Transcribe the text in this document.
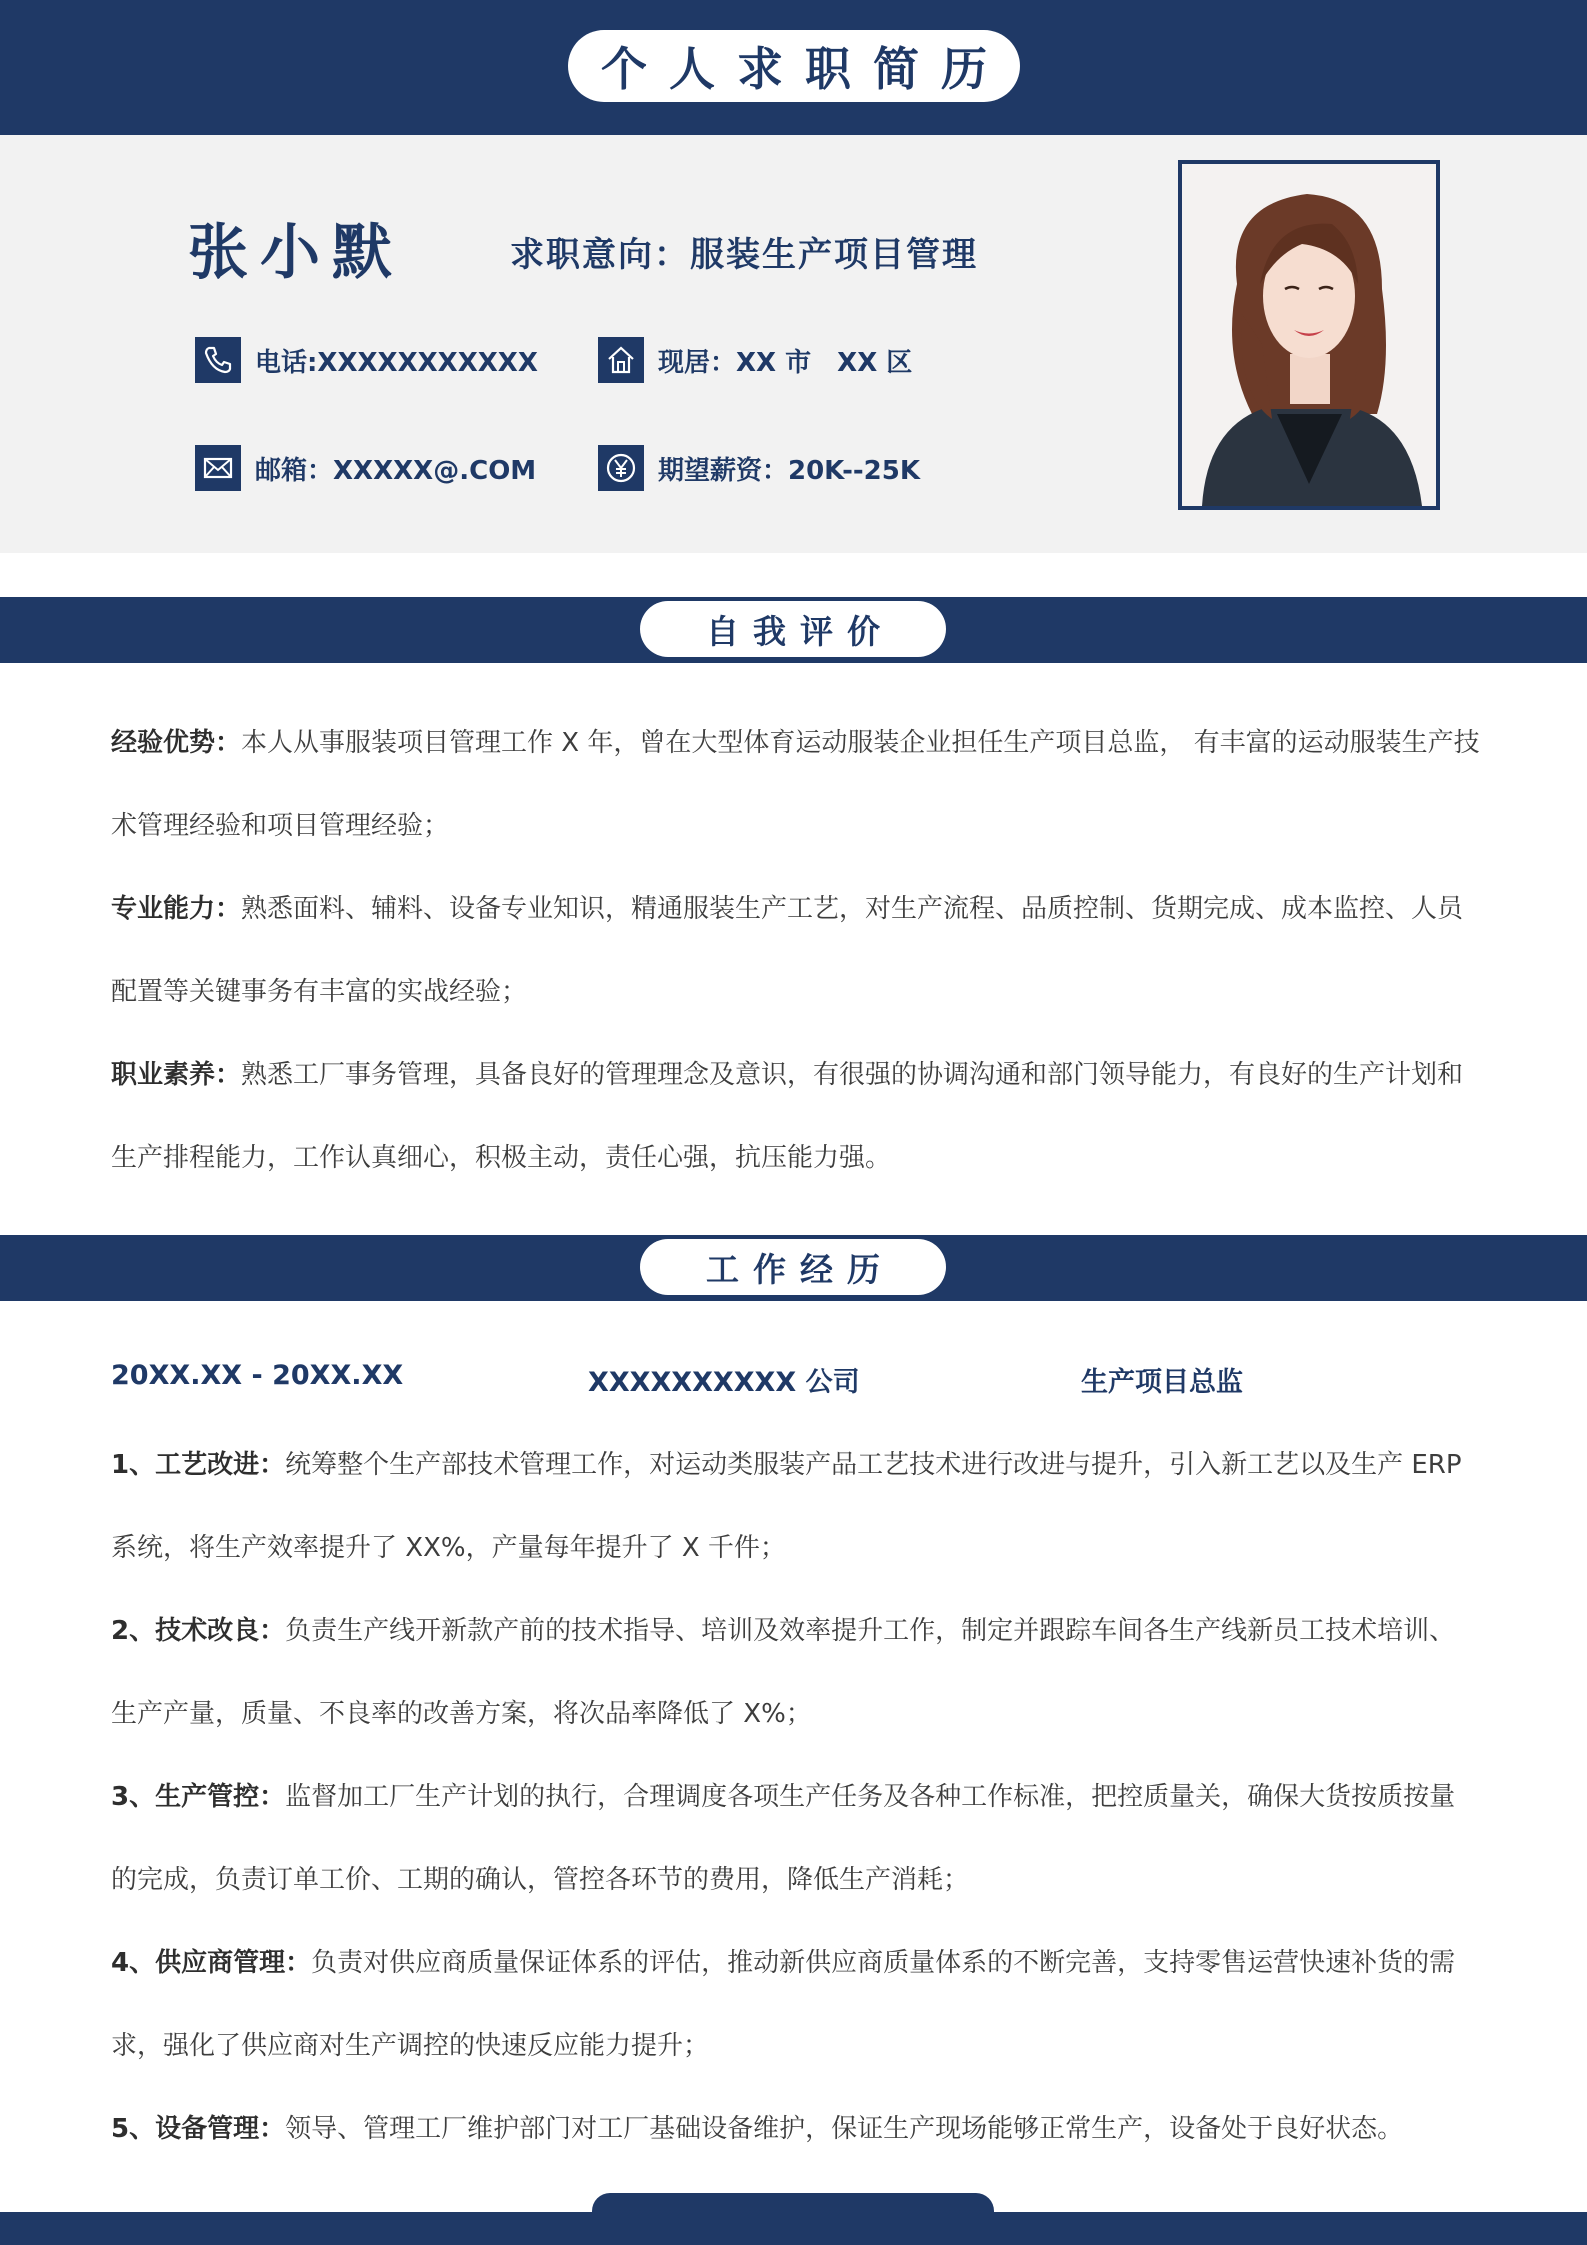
个人求职简历
张小默	求职意向：服装生产项目管理
电话:XXXXXXXXXXX	现居：XX 市　XX 区
邮箱：XXXXX@.COM	期望薪资：20K--25K
自我评价

经验优势：本人从事服装项目管理工作 X 年，曾在大型体育运动服装企业担任生产项目总监， 有丰富的运动服装生产技术管理经验和项目管理经验；

专业能力：熟悉面料、辅料、设备专业知识，精通服装生产工艺，对生产流程、品质控制、货期完成、成本监控、人员配置等关键事务有丰富的实战经验；

职业素养：熟悉工厂事务管理，具备良好的管理理念及意识，有很强的协调沟通和部门领导能力，有良好的生产计划和生产排程能力，工作认真细心，积极主动，责任心强，抗压能力强。

工作经历
20XX.XX - 20XX.XX	XXXXXXXXXX 公司	生产项目总监

1、工艺改进：统筹整个生产部技术管理工作，对运动类服装产品工艺技术进行改进与提升，引入新工艺以及生产 ERP 系统，将生产效率提升了 XX%，产量每年提升了 X 千件；

2、技术改良：负责生产线开新款产前的技术指导、培训及效率提升工作，制定并跟踪车间各生产线新员工技术培训、生产产量，质量、不良率的改善方案，将次品率降低了 X%；

3、生产管控：监督加工厂生产计划的执行，合理调度各项生产任务及各种工作标准，把控质量关，确保大货按质按量的完成，负责订单工价、工期的确认，管控各环节的费用，降低生产消耗；

4、供应商管理：负责对供应商质量保证体系的评估，推动新供应商质量体系的不断完善，支持零售运营快速补货的需求，强化了供应商对生产调控的快速反应能力提升；

5、设备管理：领导、管理工厂维护部门对工厂基础设备维护，保证生产现场能够正常生产，设备处于良好状态。
